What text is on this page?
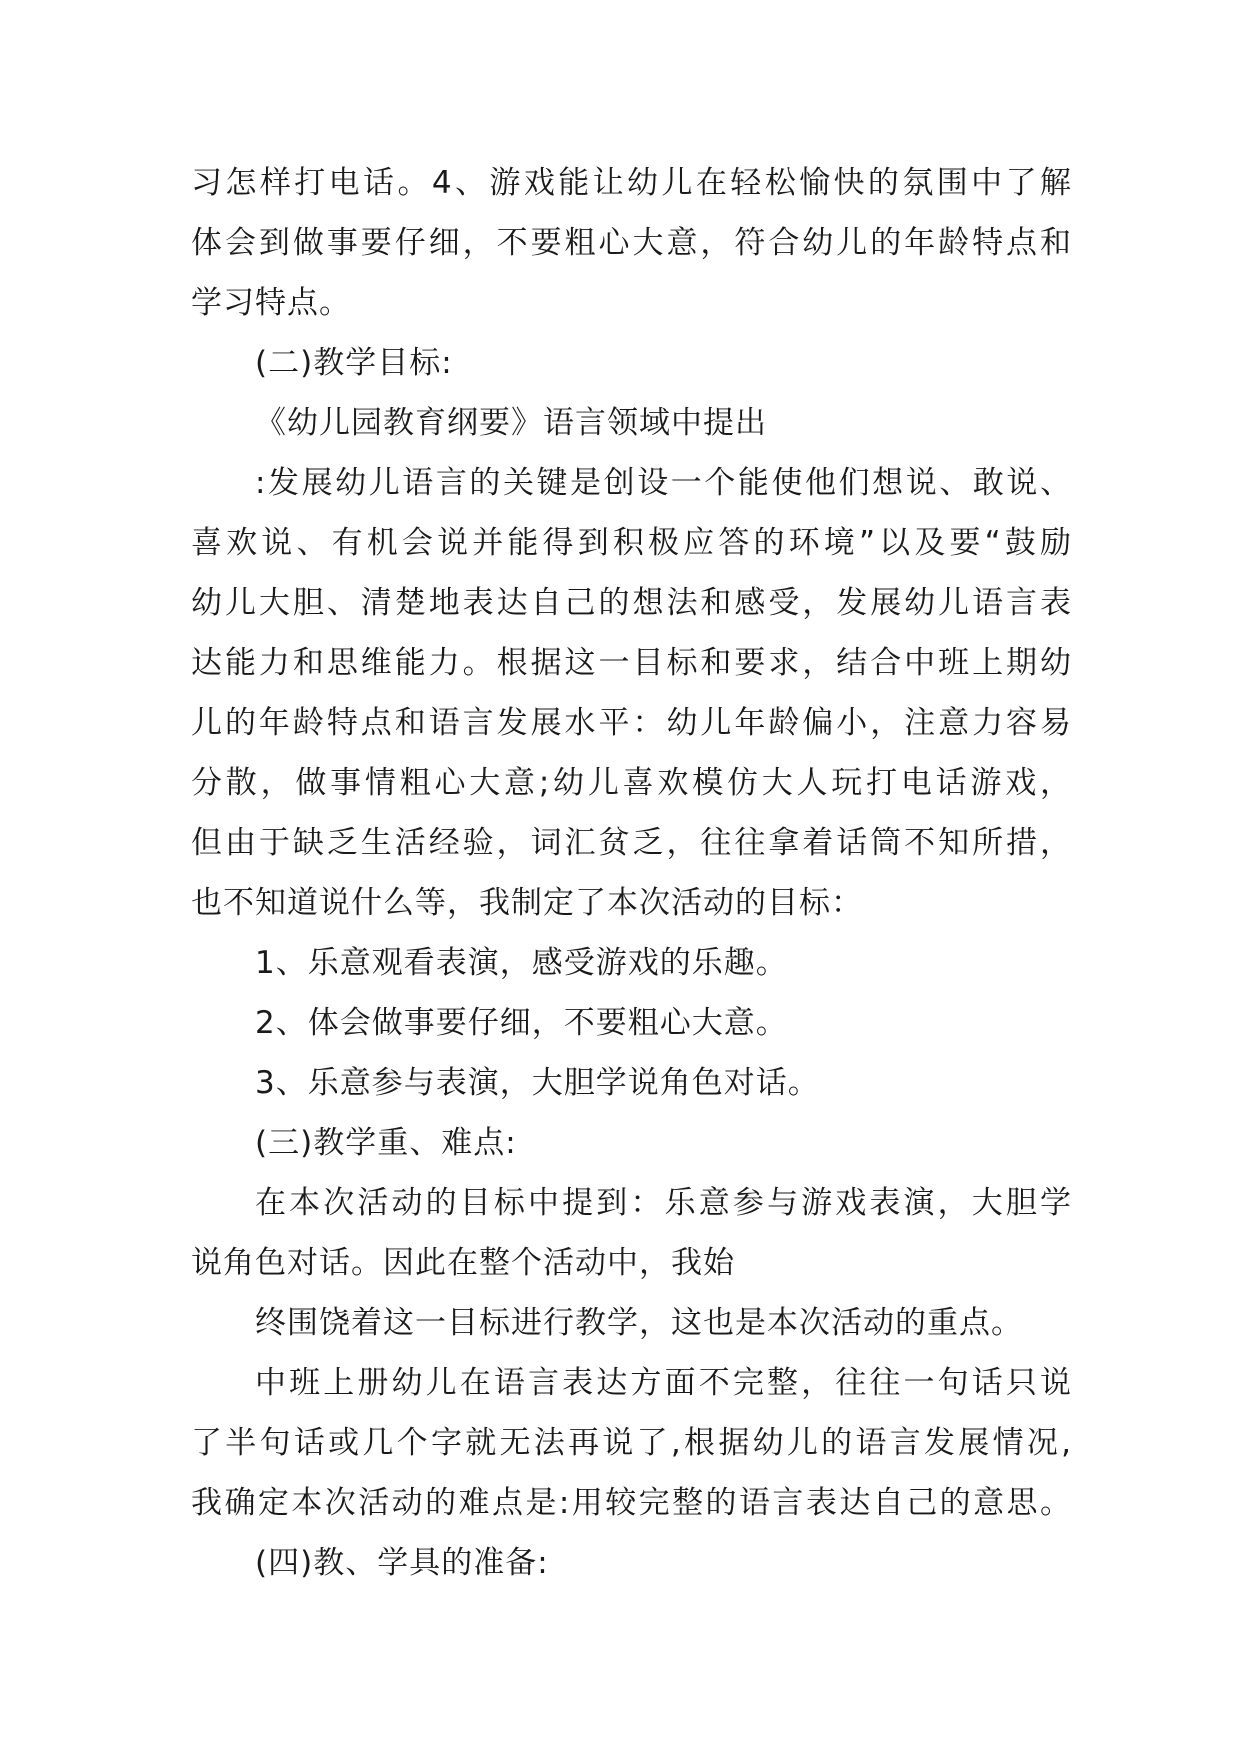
习怎样打电话。4、游戏能让幼儿在轻松愉快的氛围中了解
体会到做事要仔细，不要粗心大意，符合幼儿的年龄特点和
学习特点。
(二)教学目标:
《幼儿园教育纲要》语言领域中提出
:发展幼儿语言的关键是创设一个能使他们想说、敢说、
喜欢说、有机会说并能得到积极应答的环境”以及要“鼓励
幼儿大胆、清楚地表达自己的想法和感受，发展幼儿语言表
达能力和思维能力。根据这一目标和要求，结合中班上期幼
儿的年龄特点和语言发展水平：幼儿年龄偏小，注意力容易
分散，做事情粗心大意;幼儿喜欢模仿大人玩打电话游戏，
但由于缺乏生活经验，词汇贫乏，往往拿着话筒不知所措，
也不知道说什么等，我制定了本次活动的目标：
1、乐意观看表演，感受游戏的乐趣。
2、体会做事要仔细，不要粗心大意。
3、乐意参与表演，大胆学说角色对话。
(三)教学重、难点:
在本次活动的目标中提到：乐意参与游戏表演，大胆学
说角色对话。因此在整个活动中，我始
终围饶着这一目标进行教学，这也是本次活动的重点。
中班上册幼儿在语言表达方面不完整，往往一句话只说
了半句话或几个字就无法再说了,根据幼儿的语言发展情况,
我确定本次活动的难点是:用较完整的语言表达自己的意思。
(四)教、学具的准备:
